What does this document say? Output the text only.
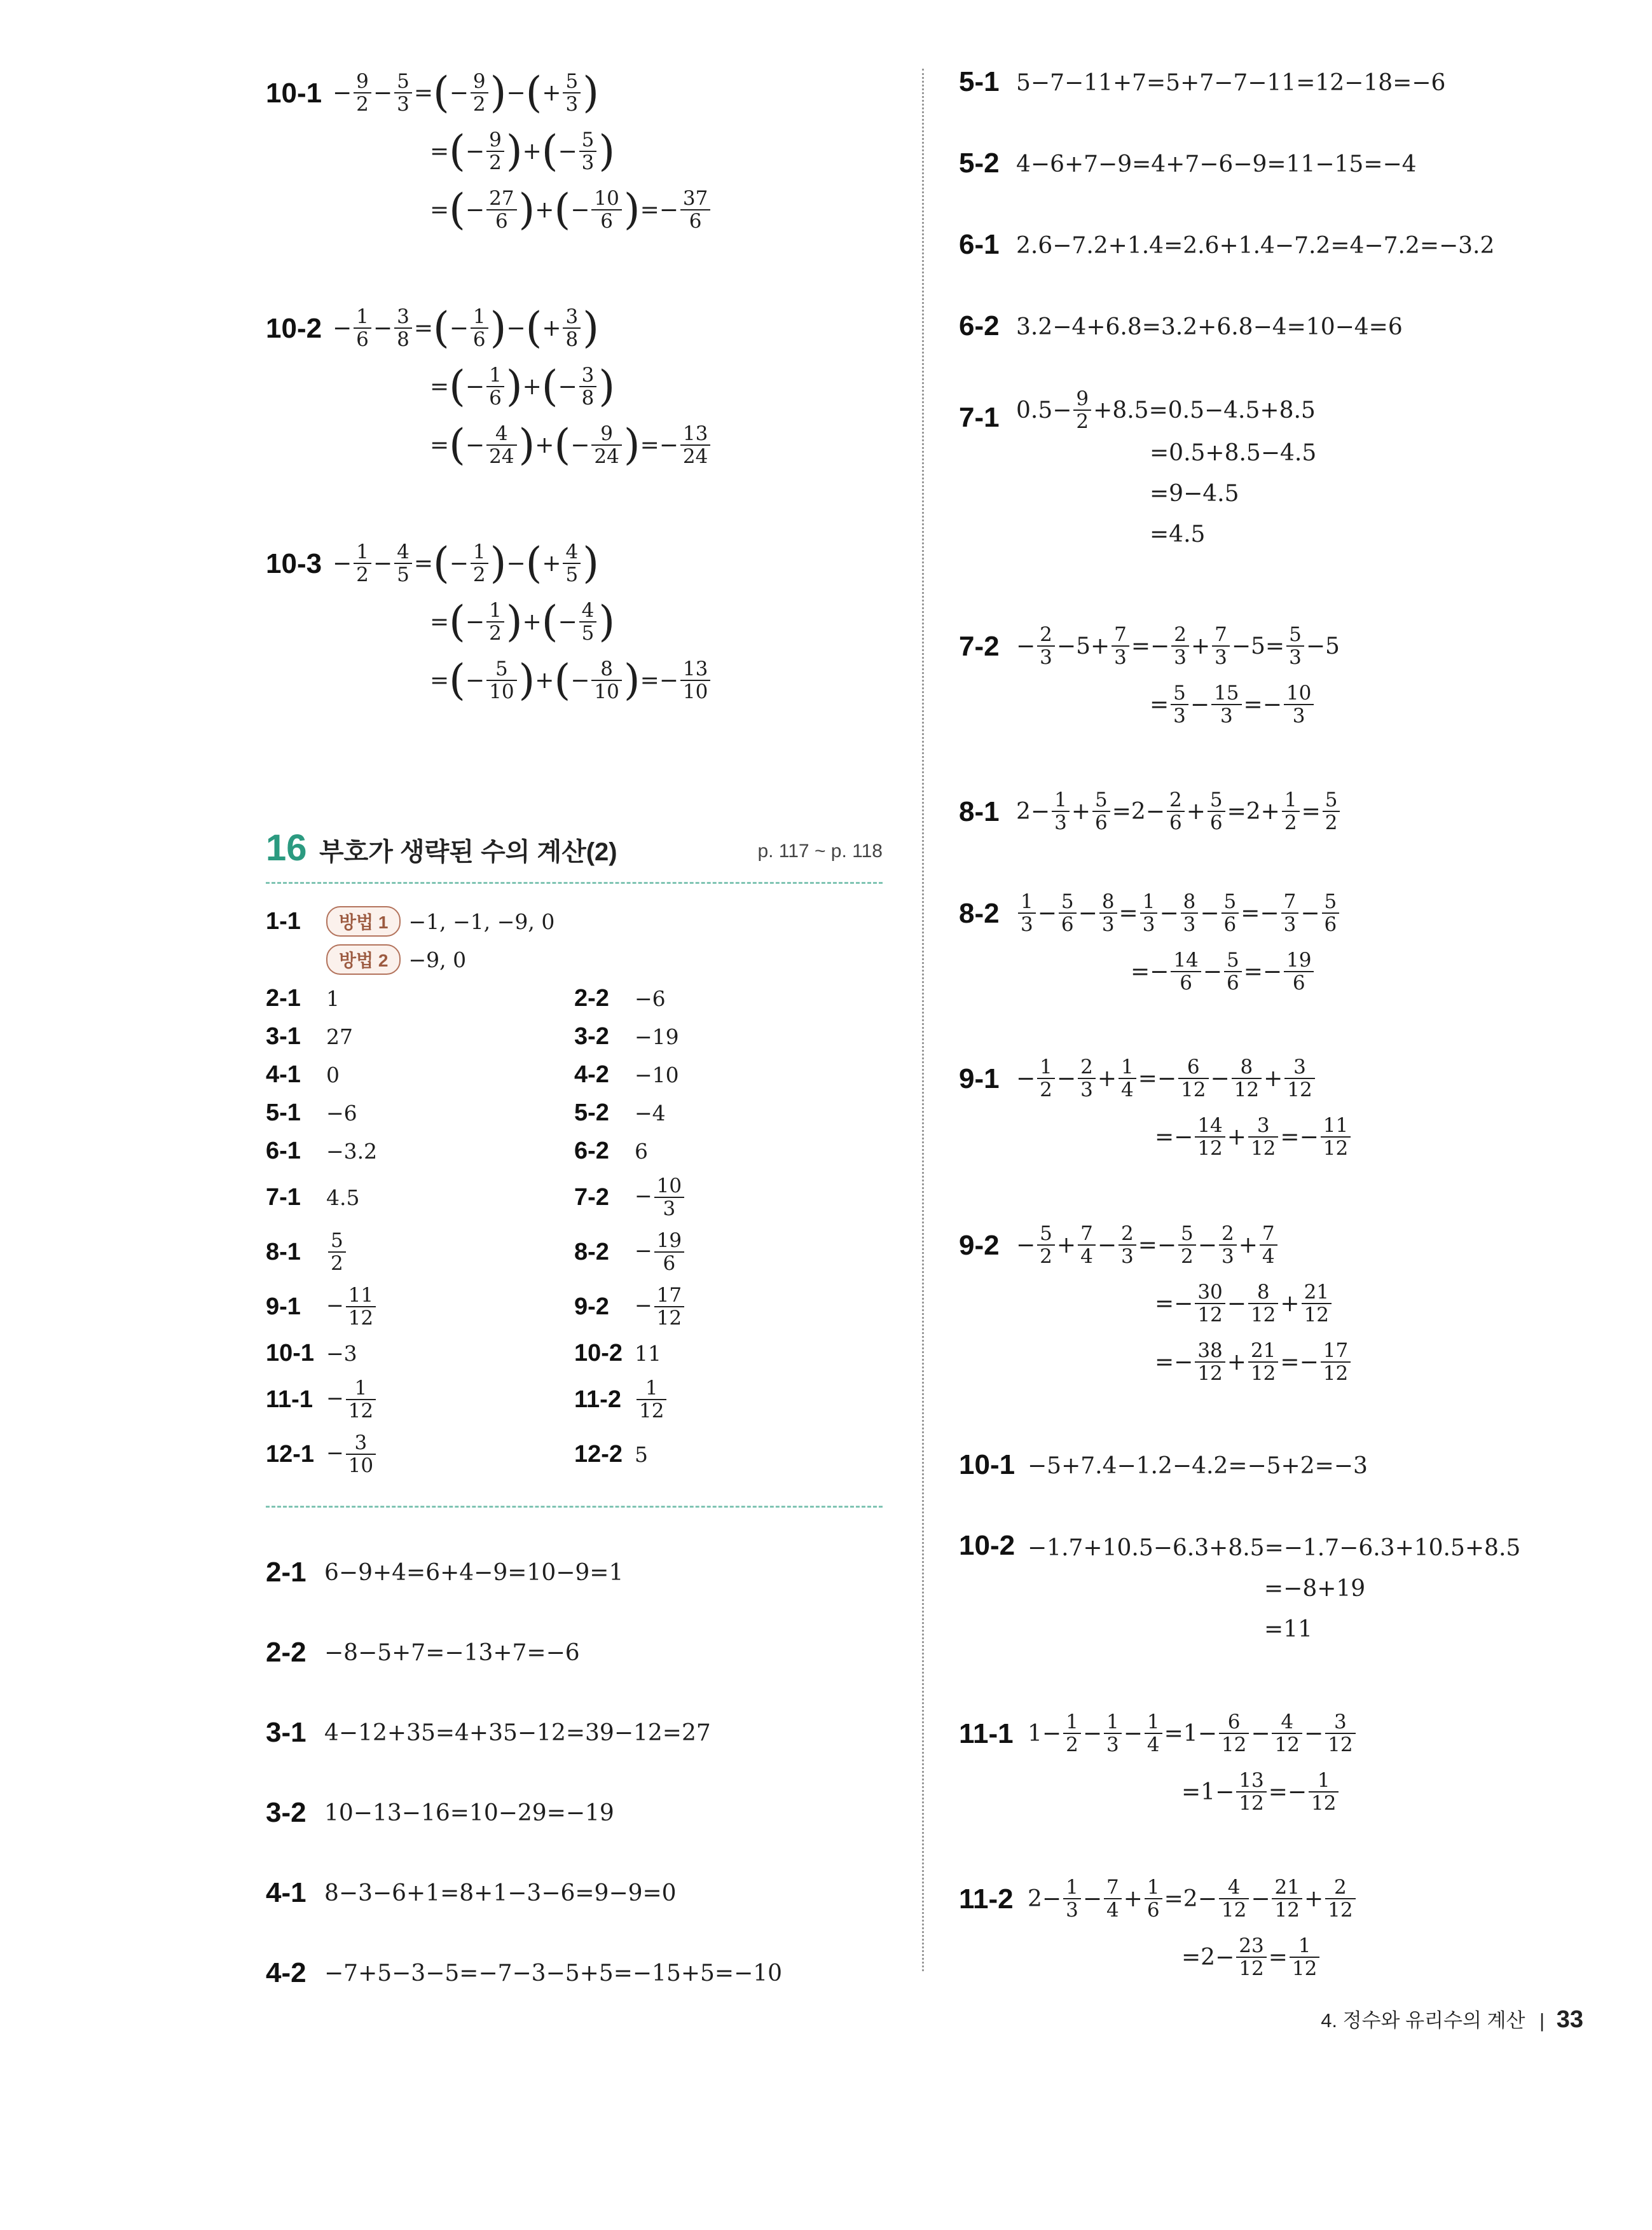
$10-1 - \frac{9}{2} - \frac{5}{3}$ = ( − $\frac{9}{2}$ ) − ( + $\frac{5}{3}$ )
= ( − $\frac{9}{2}$ ) + ( − $\frac{5}{3}$ )
= ( − $\frac{27}{6}$ ) + ( − $\frac{10}{6}$ ) =− $\frac{37}{6}$
$10-2 - \frac{1}{6} - \frac{3}{8}$ = ( − $\frac{1}{6}$ ) − ( + $\frac{3}{8}$ )
= ( − $\frac{1}{6}$ ) + ( − $\frac{3}{8}$ )
= ( − $\frac{4}{24}$ ) + ( − $\frac{9}{24}$ ) =− $\frac{13}{24}$
$10-3 - \frac{1}{2} - \frac{4}{5}$ = ( − $\frac{1}{2}$ ) − ( + $\frac{4}{5}$ )
= ( − $\frac{1}{2}$ ) + ( − $\frac{4}{5}$ )
= ( − $\frac{5}{10}$ ) + ( − $\frac{8}{10}$ ) =− $\frac{13}{10}$
16 부호가 생략된 수의 계산(2)	p. 117 ~ p. 118
1-1	방법 1 −1, −1, −9, 0
방법 2 −9, 0
2-1	1	2-2	−6
3-1	27	3-2	−19
4-1	0	4-2	−10
5-1	−6	5-2	−4
6-1	−3.2	6-2	6
7-1	4.5	7-2	− $\frac{10}{3}$
8-1	$\frac{5}{2}$	8-2	− $\frac{19}{6}$
9-1	− $\frac{11}{12}$	9-2	− $\frac{17}{12}$
10-1 −3	10-2 11
$11-1 - \frac{1}{12}$	$11-2 \frac{1}{12}$
$12-1 - \frac{3}{10}$	12-2 5
2-1 6−9+4=6+4−9=10−9=1
2-2 −8−5+7=−13+7=−6
3-1 4−12+35=4+35−12=39−12=27
3-2 10−13−16=10−29=−19
4-1 8−3−6+1=8+1−3−6=9−9=0
4-2 −7+5−3−5=−7−3−5+5=−15+5=−10
5-1 5−7−11+7=5+7−7−11=12−18=−6
5-2 4−6+7−9=4+7−6−9=11−15=−4
6-1 2.6−7.2+1.4=2.6+1.4−7.2=4−7.2=−3.2
6-2 3.2−4+6.8=3.2+6.8−4=10−4=6
7-1 $0.5- \frac{9}{2} +8.5=0.5-4.5+8.5$
=0.5+8.5−4.5
=9−4.5
=4.5
$7-2 - \frac{2}{3} -5+ \frac{7}{3} =- \frac{2}{3} + \frac{7}{3} -5= \frac{5}{3} -5$
= $\frac{5}{3} - \frac{15}{3} =- \frac{10}{3}$
8-1 $2- \frac{1}{3} + \frac{5}{6} =2- \frac{2}{6} + \frac{5}{6} =2+ \frac{1}{2} = \frac{5}{2}$
$8-2 \frac{1}{3} - \frac{5}{6} - \frac{8}{3} = \frac{1}{3} - \frac{8}{3} - \frac{5}{6} =- \frac{7}{3} - \frac{5}{6}$
=− $\frac{14}{6} - \frac{5}{6} =- \frac{19}{6}$
$9-1 - \frac{1}{2} - \frac{2}{3} + \frac{1}{4} =- \frac{6}{12} - \frac{8}{12} + \frac{3}{12}$
=− $\frac{14}{12} + \frac{3}{12} =- \frac{11}{12}$
$9-2 - \frac{5}{2} + \frac{7}{4} - \frac{2}{3} =- \frac{5}{2} - \frac{2}{3} + \frac{7}{4}$
=− $\frac{30}{12} - \frac{8}{12} + \frac{21}{12}$
=− $\frac{38}{12} + \frac{21}{12} =- \frac{17}{12}$
10-1 −5+7.4−1.2−4.2=−5+2=−3
10-2 −1.7+10.5−6.3+8.5=−1.7−6.3+10.5+8.5
=−8+19
=11
11-1 $1- \frac{1}{2} - \frac{1}{3} - \frac{1}{4} =1- \frac{6}{12} - \frac{4}{12} - \frac{3}{12}$
$=1- \frac{13}{12} =- \frac{1}{12}$
11-2 $2- \frac{1}{3} - \frac{7}{4} + \frac{1}{6} =2- \frac{4}{12} - \frac{21}{12} + \frac{2}{12}$
$=2- \frac{23}{12} = \frac{1}{12}$
4. 정수와 유리수의 계산 | 33
